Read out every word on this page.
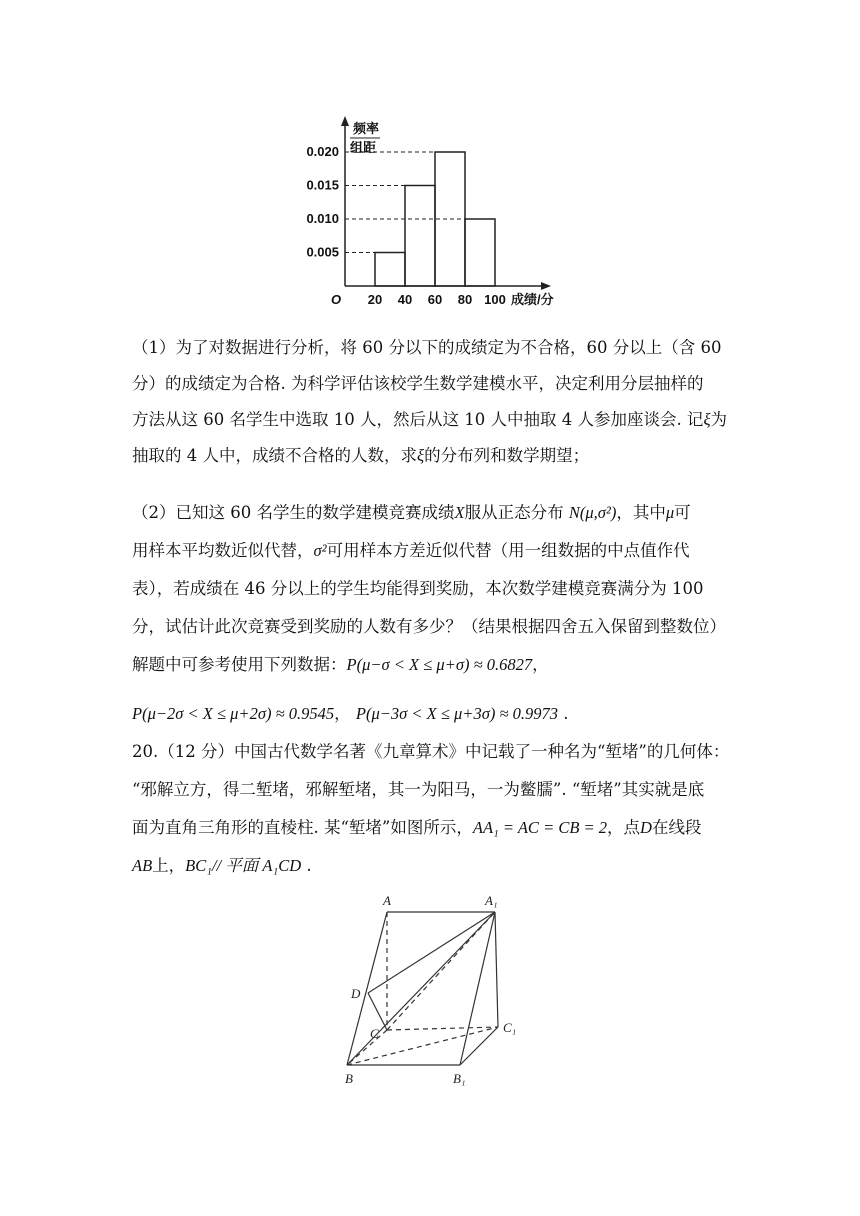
0.005
0.010
0.015
0.020
20 40 60 80 100 成绩/分
O
频率
组距
（1）为了对数据进行分析，将 60 分以下的成绩定为不合格，60 分以上（含 60
分）的成绩定为合格. 为科学评估该校学生数学建模水平，决定利用分层抽样的
方法从这 60 名学生中选取 10 人，然后从这 10 人中抽取 4 人参加座谈会. 记ξ为
抽取的 4 人中，成绩不合格的人数，求ξ的分布列和数学期望；
（2）已知这 60 名学生的数学建模竞赛成绩X服从正态分布 N(μ,σ²)，其中μ可
用样本平均数近似代替，σ²可用样本方差近似代替（用一组数据的中点值作代
表），若成绩在 46 分以上的学生均能得到奖励，本次数学建模竞赛满分为 100
分，试估计此次竞赛受到奖励的人数有多少？（结果根据四舍五入保留到整数位）
解题中可参考使用下列数据：P(μ−σ < X ≤ μ+σ) ≈ 0.6827，
P(μ−2σ < X ≤ μ+2σ) ≈ 0.9545， P(μ−3σ < X ≤ μ+3σ) ≈ 0.9973 .
20.（12 分）中国古代数学名著《九章算术》中记载了一种名为“堑堵”的几何体：
“邪解立方，得二堑堵，邪解堑堵，其一为阳马，一为鳖臑”. “堑堵”其实就是底
面为直角三角形的直棱柱. 某“堑堵”如图所示，AA₁ = AC = CB = 2，点D在线段
AB上，BC₁// 平面 A₁CD .
A	A₁
D
C	C₁
B	B₁
